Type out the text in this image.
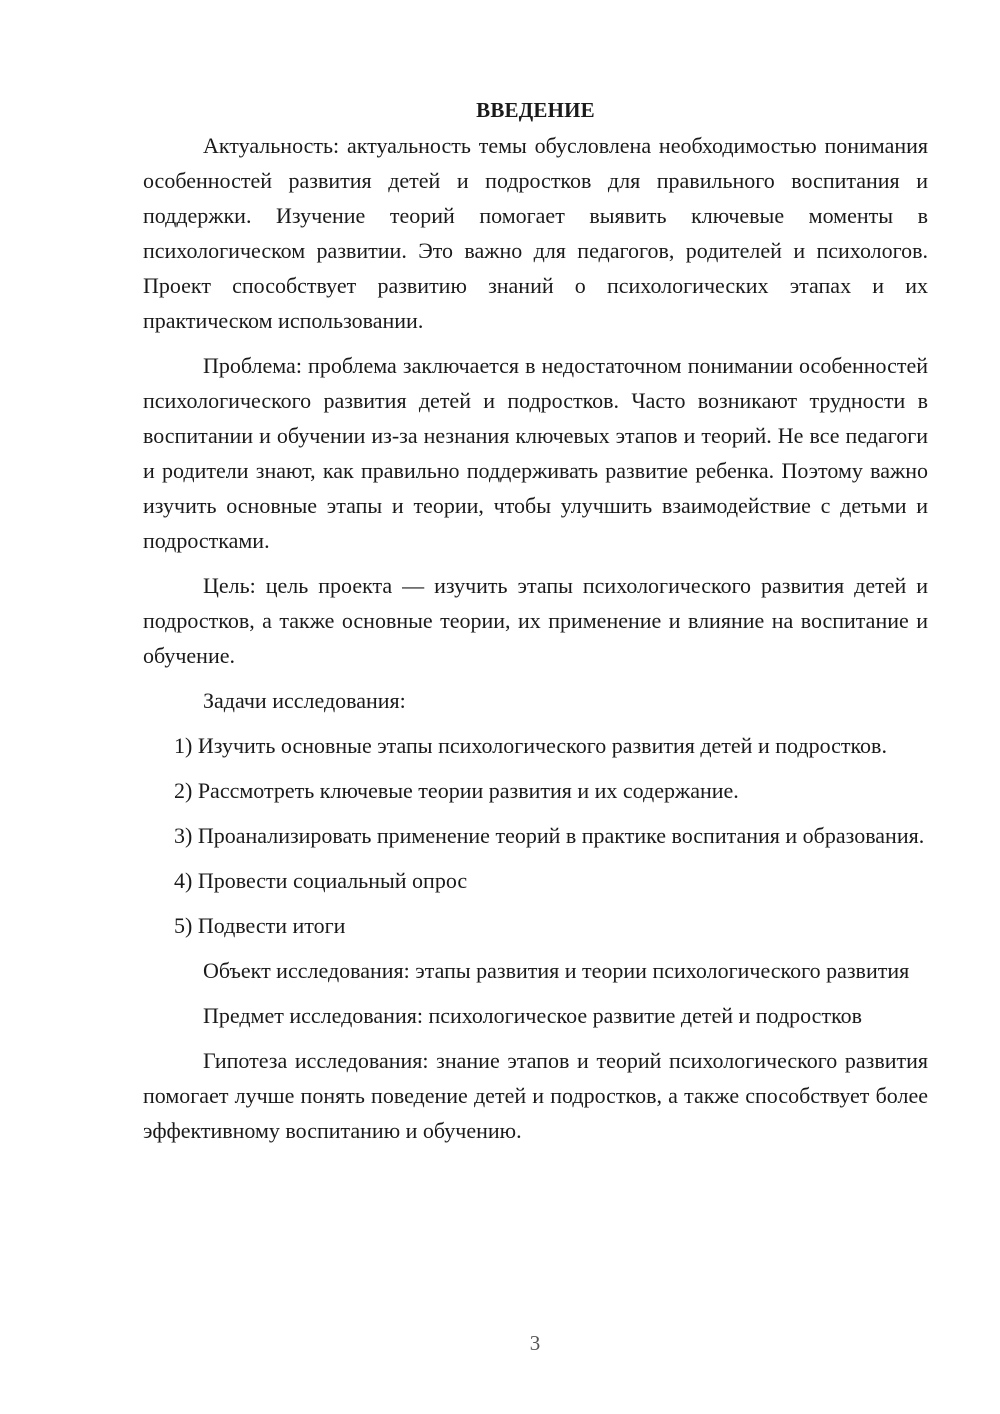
ВВЕДЕНИЕ

Актуальность: актуальность темы обусловлена необходимостью понимания особенностей развития детей и подростков для правильного воспитания и поддержки. Изучение теорий помогает выявить ключевые моменты в психологическом развитии. Это важно для педагогов, родителей и психологов. Проект способствует развитию знаний о психологических этапах и их практическом использовании.

Проблема: проблема заключается в недостаточном понимании особенностей психологического развития детей и подростков. Часто возникают трудности в воспитании и обучении из-за незнания ключевых этапов и теорий. Не все педагоги и родители знают, как правильно поддерживать развитие ребенка. Поэтому важно изучить основные этапы и теории, чтобы улучшить взаимодействие с детьми и подростками.

Цель: цель проекта — изучить этапы психологического развития детей и подростков, а также основные теории, их применение и влияние на воспитание и обучение.

Задачи исследования:

1) Изучить основные этапы психологического развития детей и подростков.

2) Рассмотреть ключевые теории развития и их содержание.

3) Проанализировать применение теорий в практике воспитания и образования.

4) Провести социальный опрос

5) Подвести итоги

Объект исследования: этапы развития и теории психологического развития

Предмет исследования: психологическое развитие детей и подростков

Гипотеза исследования: знание этапов и теорий психологического развития помогает лучше понять поведение детей и подростков, а также способствует более эффективному воспитанию и обучению.

3
